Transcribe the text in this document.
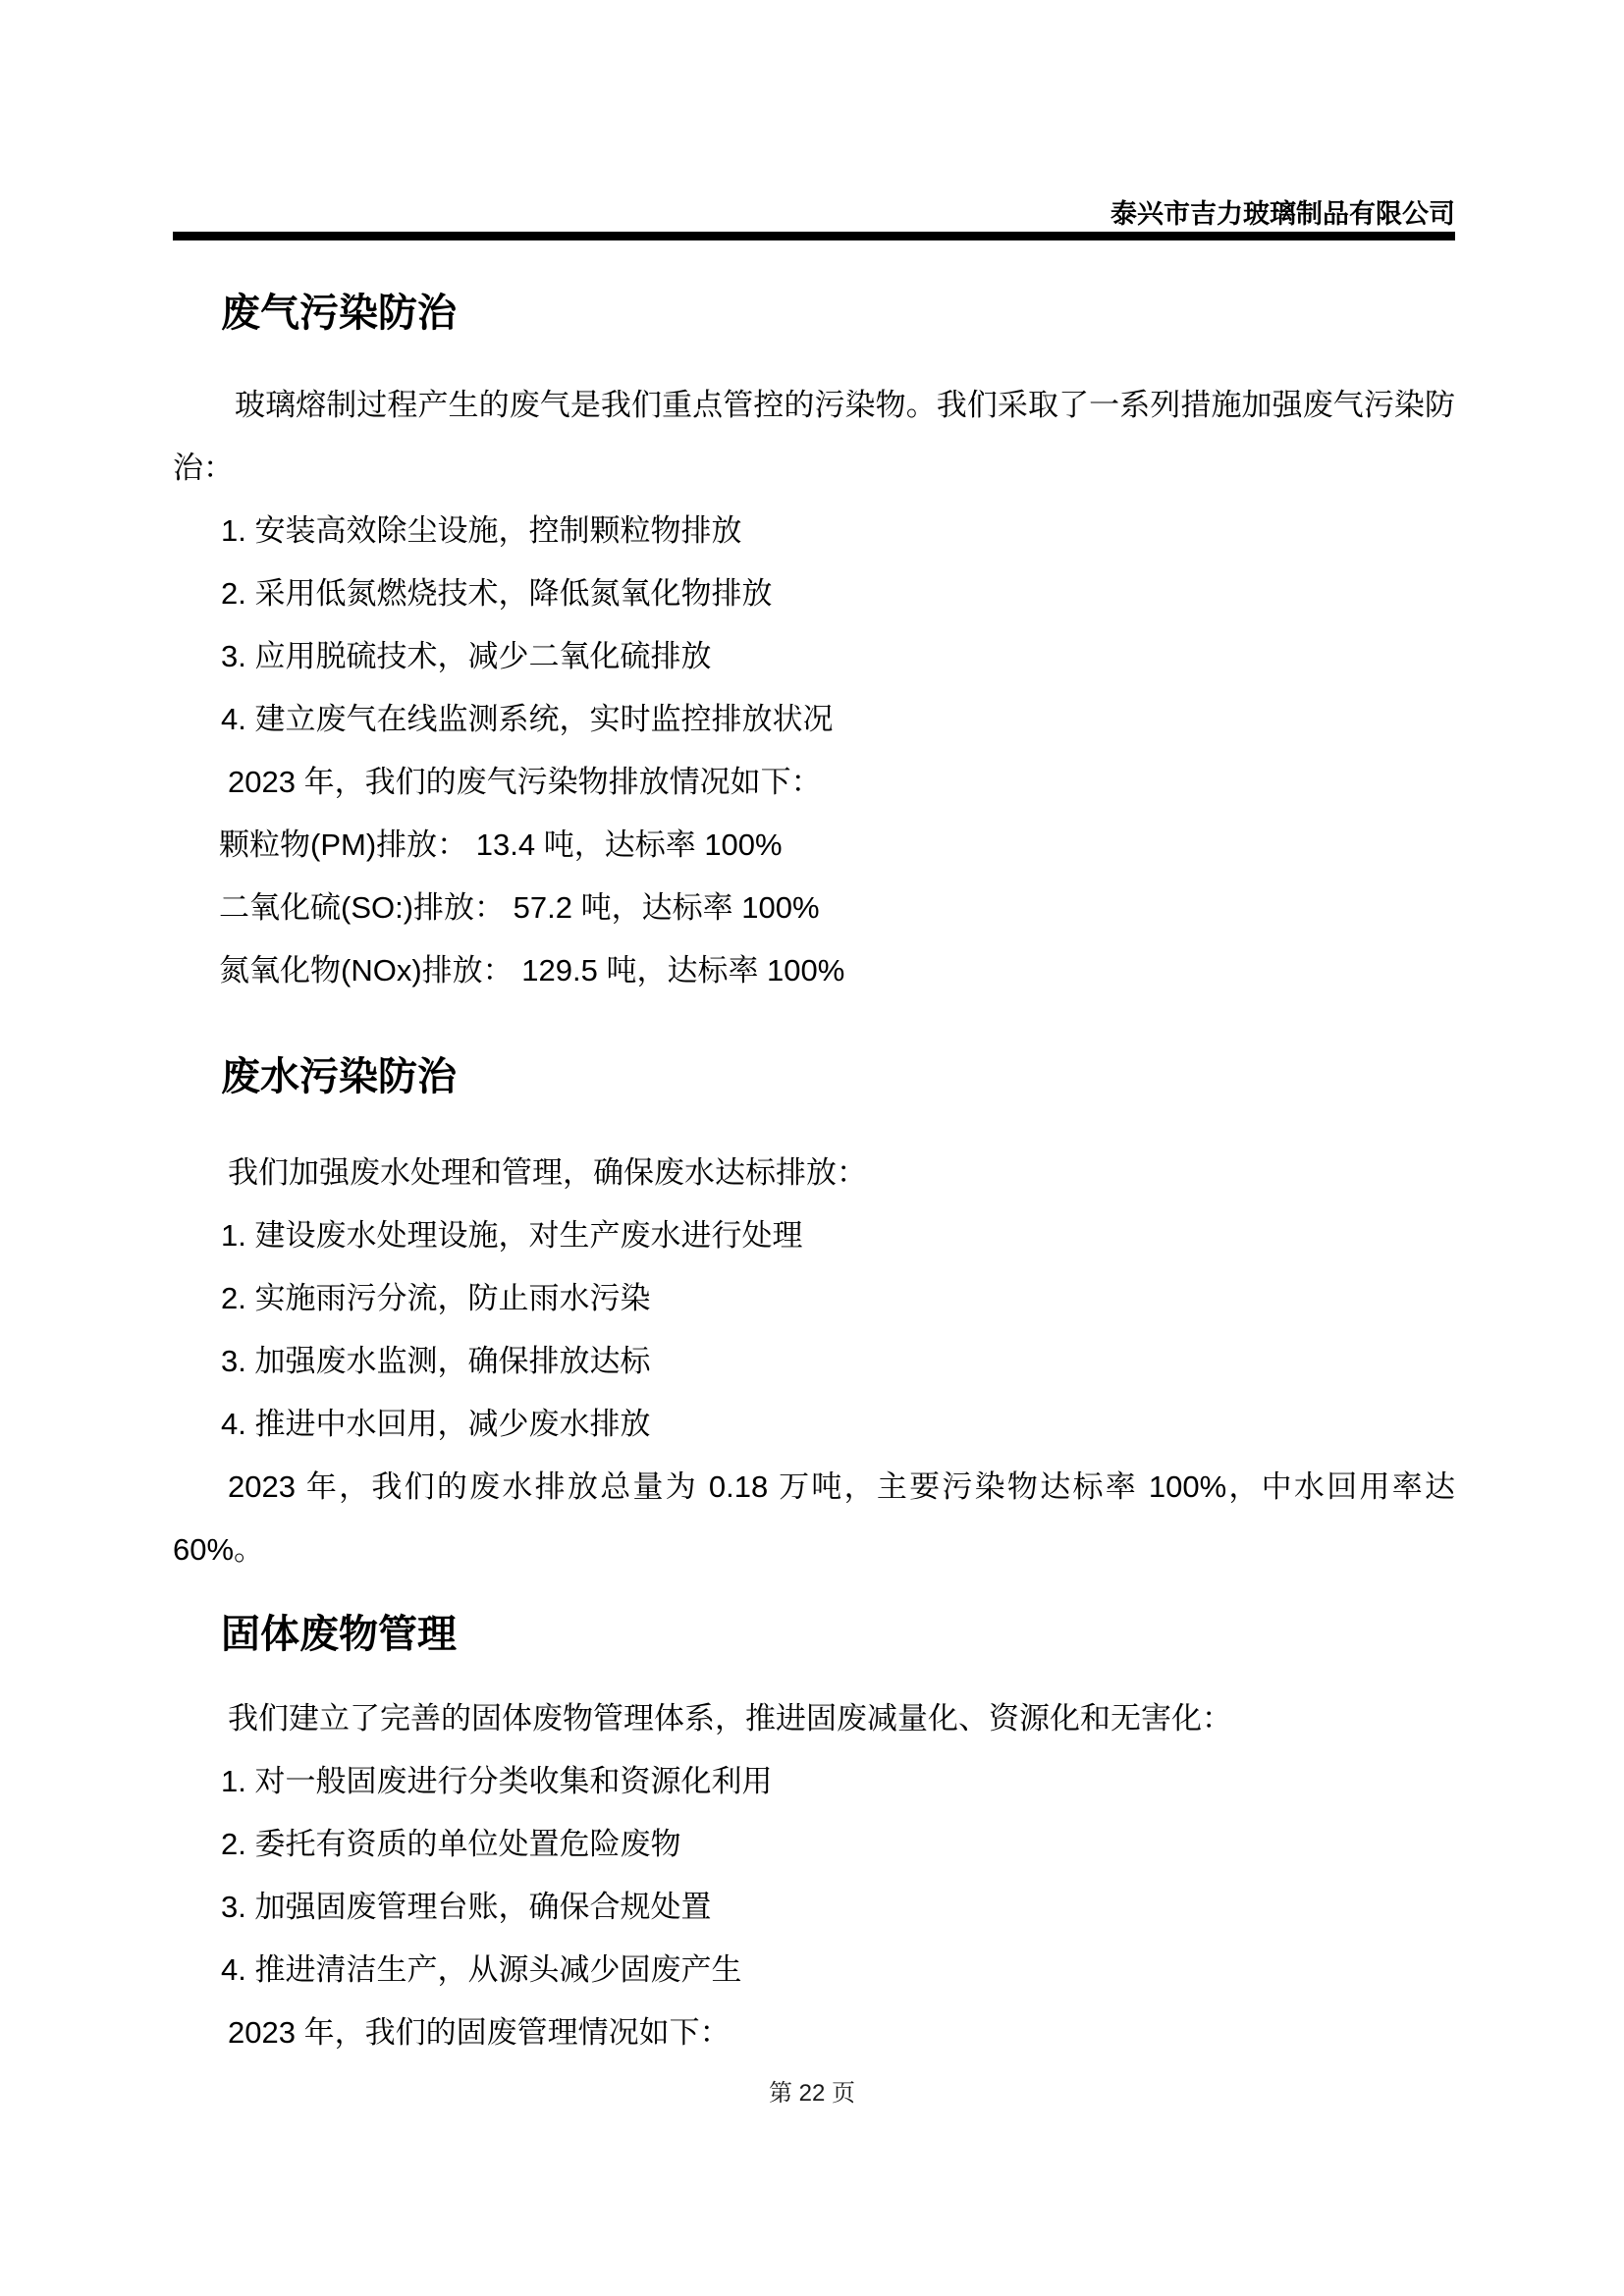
泰兴市吉力玻璃制品有限公司
废气污染防治

玻璃熔制过程产生的废气是我们重点管控的污染物。我们采取了一系列措施加强废气污染防治：

1. 安装高效除尘设施，控制颗粒物排放

2. 采用低氮燃烧技术，降低氮氧化物排放

3. 应用脱硫技术，减少二氧化硫排放

4. 建立废气在线监测系统，实时监控排放状况

2023 年，我们的废气污染物排放情况如下：

颗粒物(PM)排放： 13.4 吨，达标率 100%

二氧化硫(SO:)排放： 57.2 吨，达标率 100%

氮氧化物(NOx)排放： 129.5 吨，达标率 100%

废水污染防治

我们加强废水处理和管理，确保废水达标排放：

1. 建设废水处理设施，对生产废水进行处理

2. 实施雨污分流，防止雨水污染

3. 加强废水监测，确保排放达标

4. 推进中水回用，减少废水排放

2023 年，我们的废水排放总量为 0.18 万吨，主要污染物达标率 100%，中水回用率达 60%。

固体废物管理

我们建立了完善的固体废物管理体系，推进固废减量化、资源化和无害化：

1. 对一般固废进行分类收集和资源化利用

2. 委托有资质的单位处置危险废物

3. 加强固废管理台账，确保合规处置

4. 推进清洁生产，从源头减少固废产生

2023 年，我们的固废管理情况如下：

第 22 页
